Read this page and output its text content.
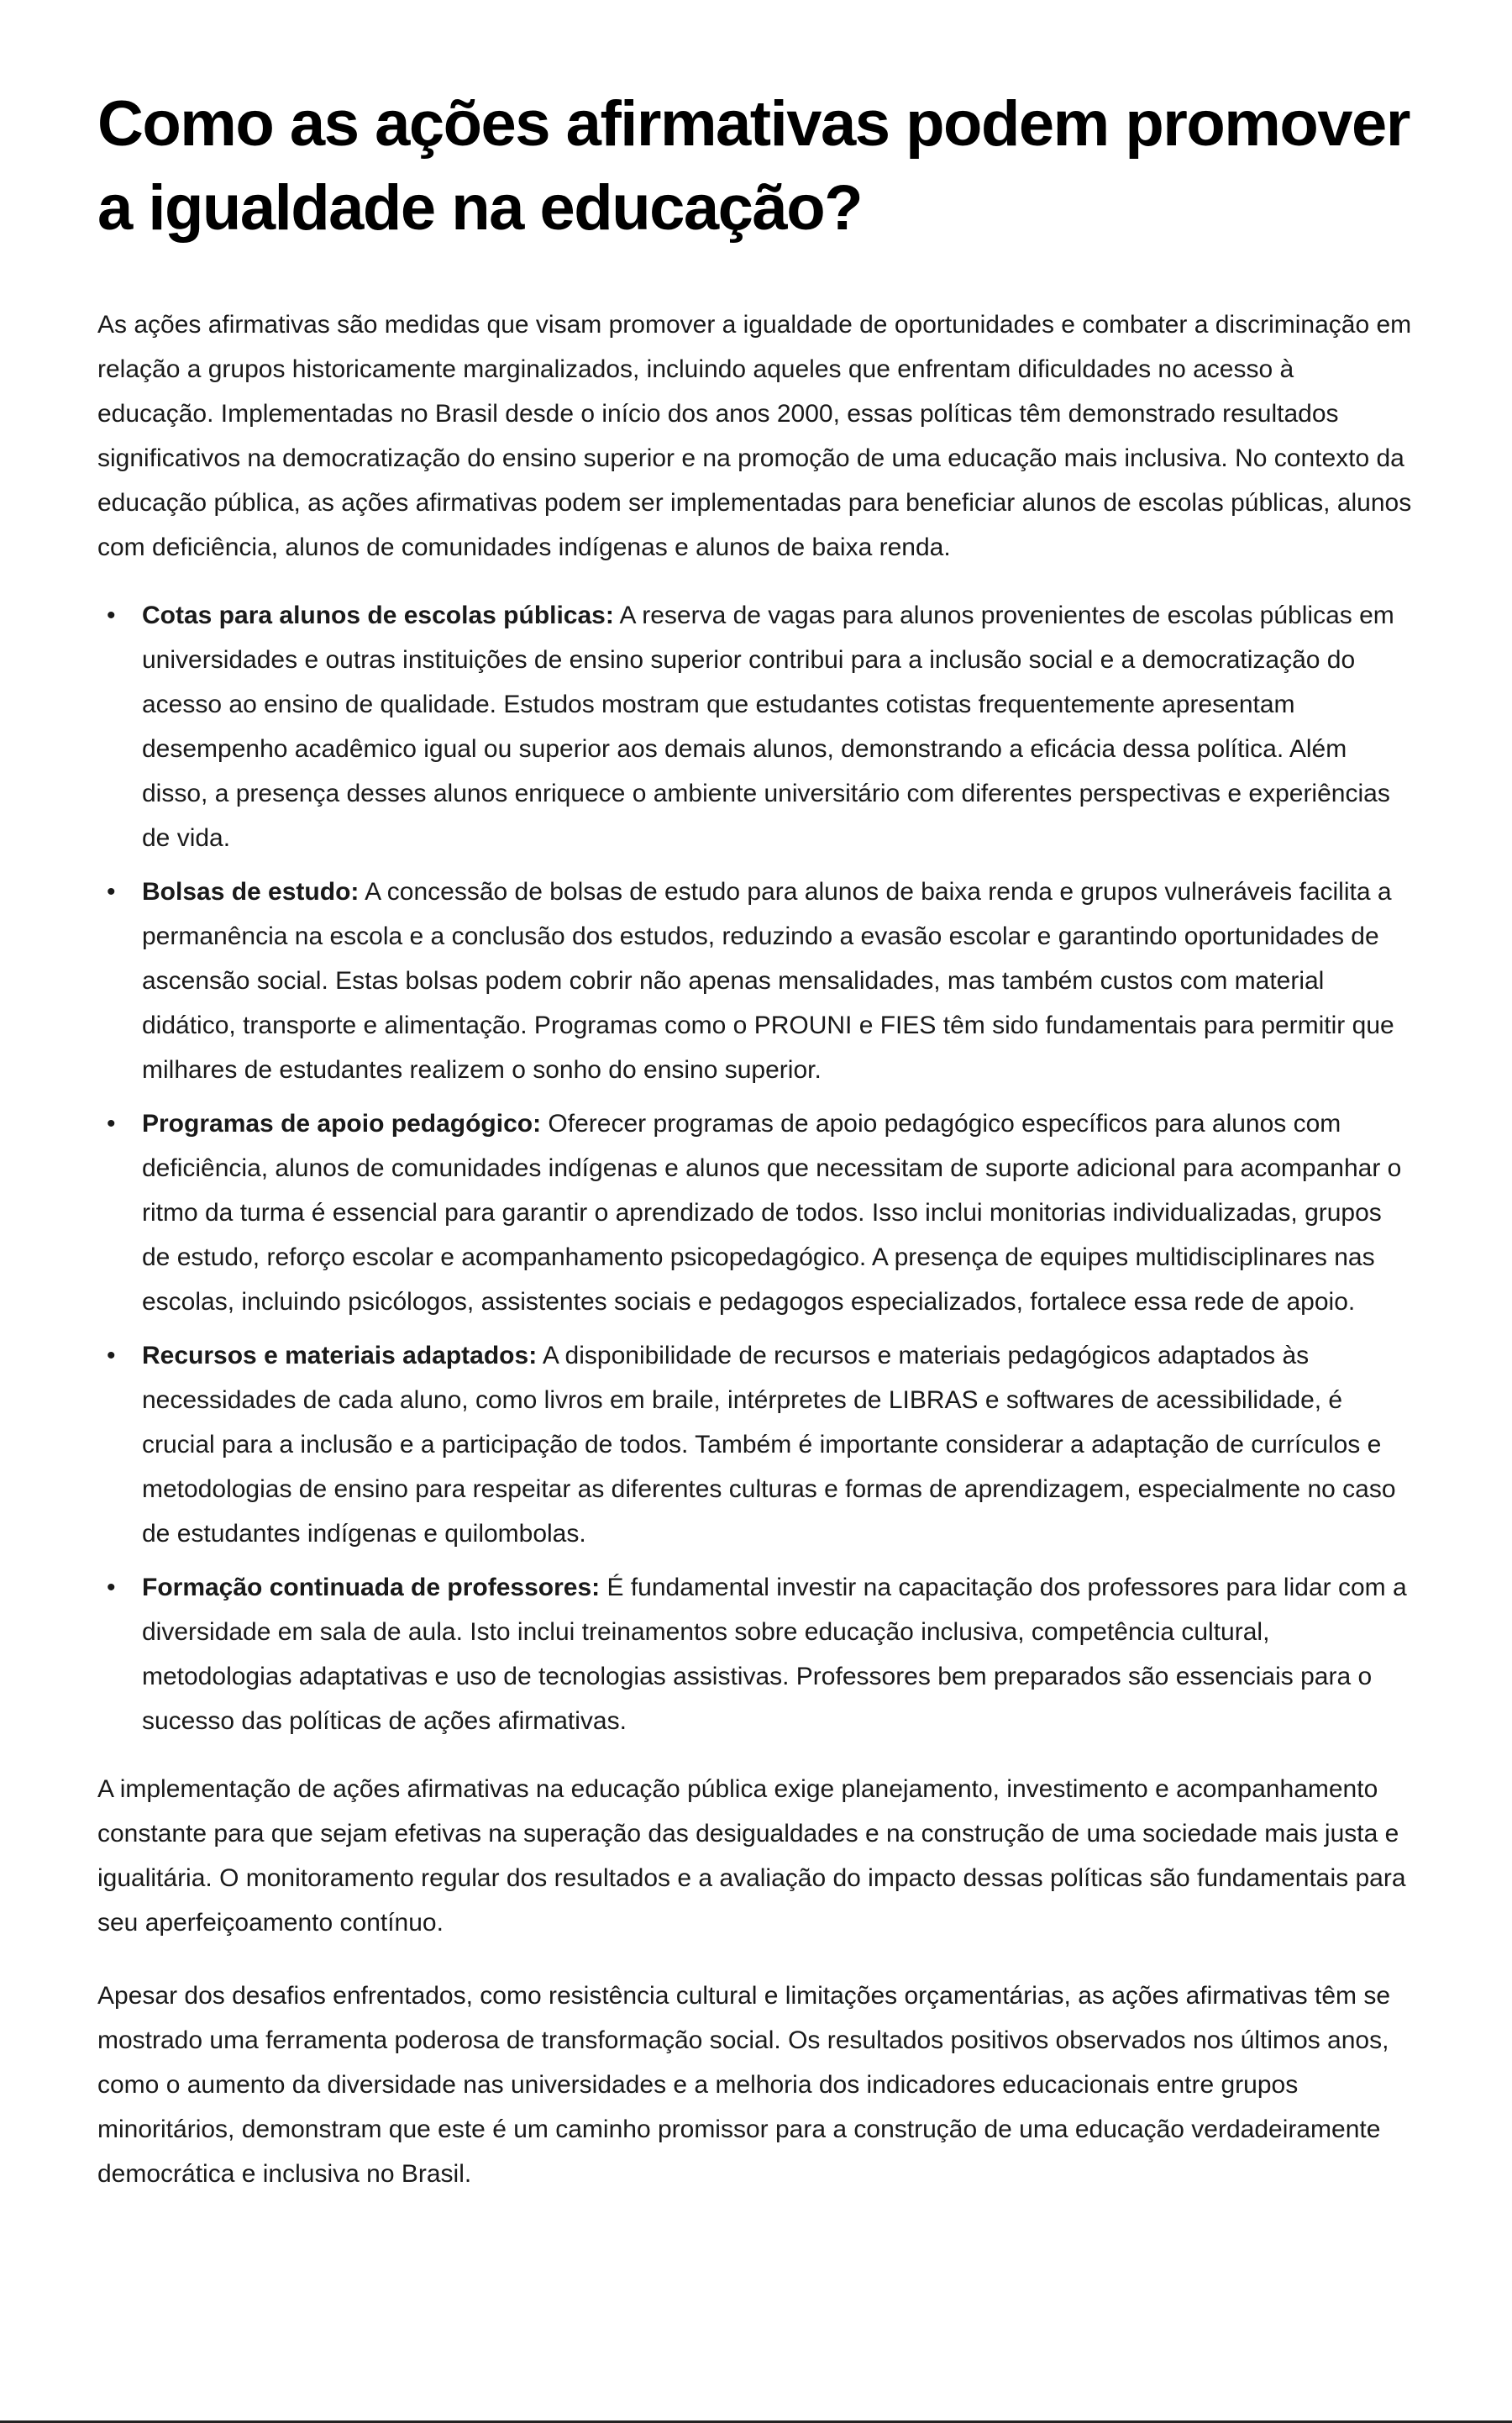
Como as ações afirmativas podem promover a igualdade na educação?

As ações afirmativas são medidas que visam promover a igualdade de oportunidades e combater a discriminação em relação a grupos historicamente marginalizados, incluindo aqueles que enfrentam dificuldades no acesso à educação. Implementadas no Brasil desde o início dos anos 2000, essas políticas têm demonstrado resultados significativos na democratização do ensino superior e na promoção de uma educação mais inclusiva. No contexto da educação pública, as ações afirmativas podem ser implementadas para beneficiar alunos de escolas públicas, alunos com deficiência, alunos de comunidades indígenas e alunos de baixa renda.

• Cotas para alunos de escolas públicas: A reserva de vagas para alunos provenientes de escolas públicas em universidades e outras instituições de ensino superior contribui para a inclusão social e a democratização do acesso ao ensino de qualidade. Estudos mostram que estudantes cotistas frequentemente apresentam desempenho acadêmico igual ou superior aos demais alunos, demonstrando a eficácia dessa política. Além disso, a presença desses alunos enriquece o ambiente universitário com diferentes perspectivas e experiências de vida.
• Bolsas de estudo: A concessão de bolsas de estudo para alunos de baixa renda e grupos vulneráveis facilita a permanência na escola e a conclusão dos estudos, reduzindo a evasão escolar e garantindo oportunidades de ascensão social. Estas bolsas podem cobrir não apenas mensalidades, mas também custos com material didático, transporte e alimentação. Programas como o PROUNI e FIES têm sido fundamentais para permitir que milhares de estudantes realizem o sonho do ensino superior.
• Programas de apoio pedagógico: Oferecer programas de apoio pedagógico específicos para alunos com deficiência, alunos de comunidades indígenas e alunos que necessitam de suporte adicional para acompanhar o ritmo da turma é essencial para garantir o aprendizado de todos. Isso inclui monitorias individualizadas, grupos de estudo, reforço escolar e acompanhamento psicopedagógico. A presença de equipes multidisciplinares nas escolas, incluindo psicólogos, assistentes sociais e pedagogos especializados, fortalece essa rede de apoio.
• Recursos e materiais adaptados: A disponibilidade de recursos e materiais pedagógicos adaptados às necessidades de cada aluno, como livros em braile, intérpretes de LIBRAS e softwares de acessibilidade, é crucial para a inclusão e a participação de todos. Também é importante considerar a adaptação de currículos e metodologias de ensino para respeitar as diferentes culturas e formas de aprendizagem, especialmente no caso de estudantes indígenas e quilombolas.
• Formação continuada de professores: É fundamental investir na capacitação dos professores para lidar com a diversidade em sala de aula. Isto inclui treinamentos sobre educação inclusiva, competência cultural, metodologias adaptativas e uso de tecnologias assistivas. Professores bem preparados são essenciais para o sucesso das políticas de ações afirmativas.

A implementação de ações afirmativas na educação pública exige planejamento, investimento e acompanhamento constante para que sejam efetivas na superação das desigualdades e na construção de uma sociedade mais justa e igualitária. O monitoramento regular dos resultados e a avaliação do impacto dessas políticas são fundamentais para seu aperfeiçoamento contínuo.

Apesar dos desafios enfrentados, como resistência cultural e limitações orçamentárias, as ações afirmativas têm se mostrado uma ferramenta poderosa de transformação social. Os resultados positivos observados nos últimos anos, como o aumento da diversidade nas universidades e a melhoria dos indicadores educacionais entre grupos minoritários, demonstram que este é um caminho promissor para a construção de uma educação verdadeiramente democrática e inclusiva no Brasil.
